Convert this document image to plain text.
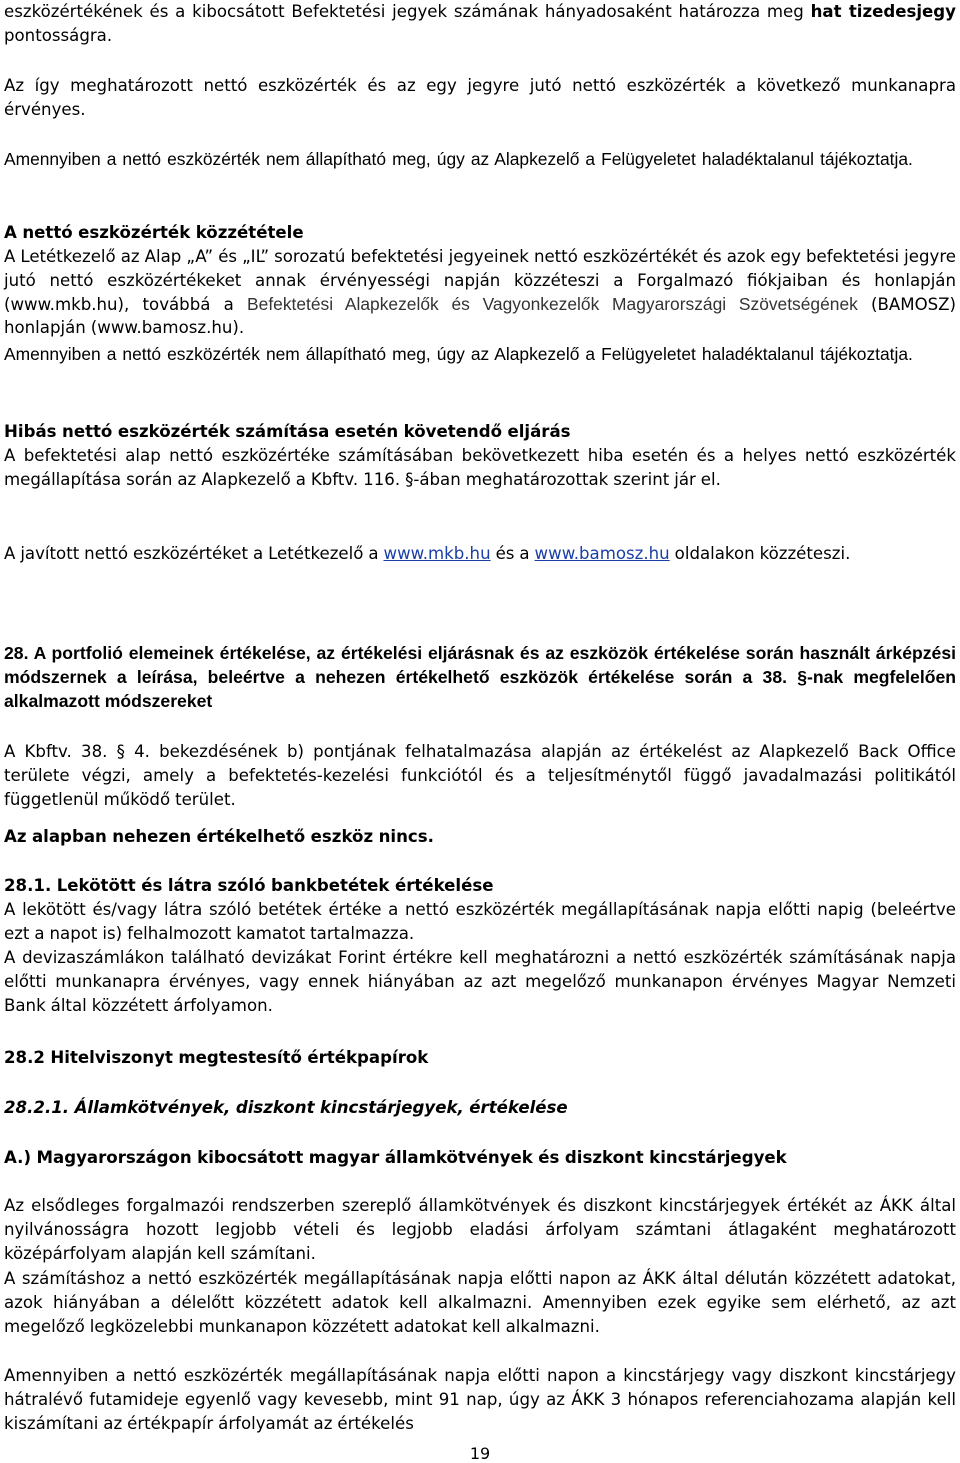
eszközértékének és a kibocsátott Befektetési jegyek számának hányadosaként határozza meg hat tizedesjegy pontosságra.

Az így meghatározott nettó eszközérték és az egy jegyre jutó nettó eszközérték a következő munkanapra érvényes.

Amennyiben a nettó eszközérték nem állapítható meg, úgy az Alapkezelő a Felügyeletet haladéktalanul tájékoztatja.

A nettó eszközérték közzététele

A Letétkezelő az Alap „A” és „IL” sorozatú befektetési jegyeinek nettó eszközértékét és azok egy befektetési jegyre jutó nettó eszközértékeket annak érvényességi napján közzéteszi a Forgalmazó fiókjaiban és honlapján (www.mkb.hu), továbbá a Befektetési Alapkezelők és Vagyonkezelők Magyarországi Szövetségének (BAMOSZ) honlapján (www.bamosz.hu).

Amennyiben a nettó eszközérték nem állapítható meg, úgy az Alapkezelő a Felügyeletet haladéktalanul tájékoztatja.

Hibás nettó eszközérték számítása esetén követendő eljárás

A befektetési alap nettó eszközértéke számításában bekövetkezett hiba esetén és a helyes nettó eszközérték megállapítása során az Alapkezelő a Kbftv. 116. §-ában meghatározottak szerint jár el.

A javított nettó eszközértéket a Letétkezelő a www.mkb.hu és a www.bamosz.hu oldalakon közzéteszi.

28. A portfolió elemeinek értékelése, az értékelési eljárásnak és az eszközök értékelése során használt árképzési módszernek a leírása, beleértve a nehezen értékelhető eszközök értékelése során a 38. §-nak megfelelően alkalmazott módszereket

A Kbftv. 38. § 4. bekezdésének b) pontjának felhatalmazása alapján az értékelést az Alapkezelő Back Office területe végzi, amely a befektetés-kezelési funkciótól és a teljesítménytől függő javadalmazási politikától függetlenül működő terület.

Az alapban nehezen értékelhető eszköz nincs.

28.1. Lekötött és látra szóló bankbetétek értékelése

A lekötött és/vagy látra szóló betétek értéke a nettó eszközérték megállapításának napja előtti napig (beleértve ezt a napot is) felhalmozott kamatot tartalmazza.

A devizaszámlákon található devizákat Forint értékre kell meghatározni a nettó eszközérték számításának napja előtti munkanapra érvényes, vagy ennek hiányában az azt megelőző munkanapon érvényes Magyar Nemzeti Bank által közzétett árfolyamon.

28.2 Hitelviszonyt megtestesítő értékpapírok

28.2.1. Államkötvények, diszkont kincstárjegyek, értékelése

A.) Magyarországon kibocsátott magyar államkötvények és diszkont kincstárjegyek

Az elsődleges forgalmazói rendszerben szereplő államkötvények és diszkont kincstárjegyek értékét az ÁKK által nyilvánosságra hozott legjobb vételi és legjobb eladási árfolyam számtani átlagaként meghatározott középárfolyam alapján kell számítani.

A számításhoz a nettó eszközérték megállapításának napja előtti napon az ÁKK által délután közzétett adatokat, azok hiányában a délelőtt közzétett adatok kell alkalmazni. Amennyiben ezek egyike sem elérhető, az azt megelőző legközelebbi munkanapon közzétett adatokat kell alkalmazni.

Amennyiben a nettó eszközérték megállapításának napja előtti napon a kincstárjegy vagy diszkont kincstárjegy hátralévő futamideje egyenlő vagy kevesebb, mint 91 nap, úgy az ÁKK 3 hónapos referenciahozama alapján kell kiszámítani az értékpapír árfolyamát az értékelés

19
